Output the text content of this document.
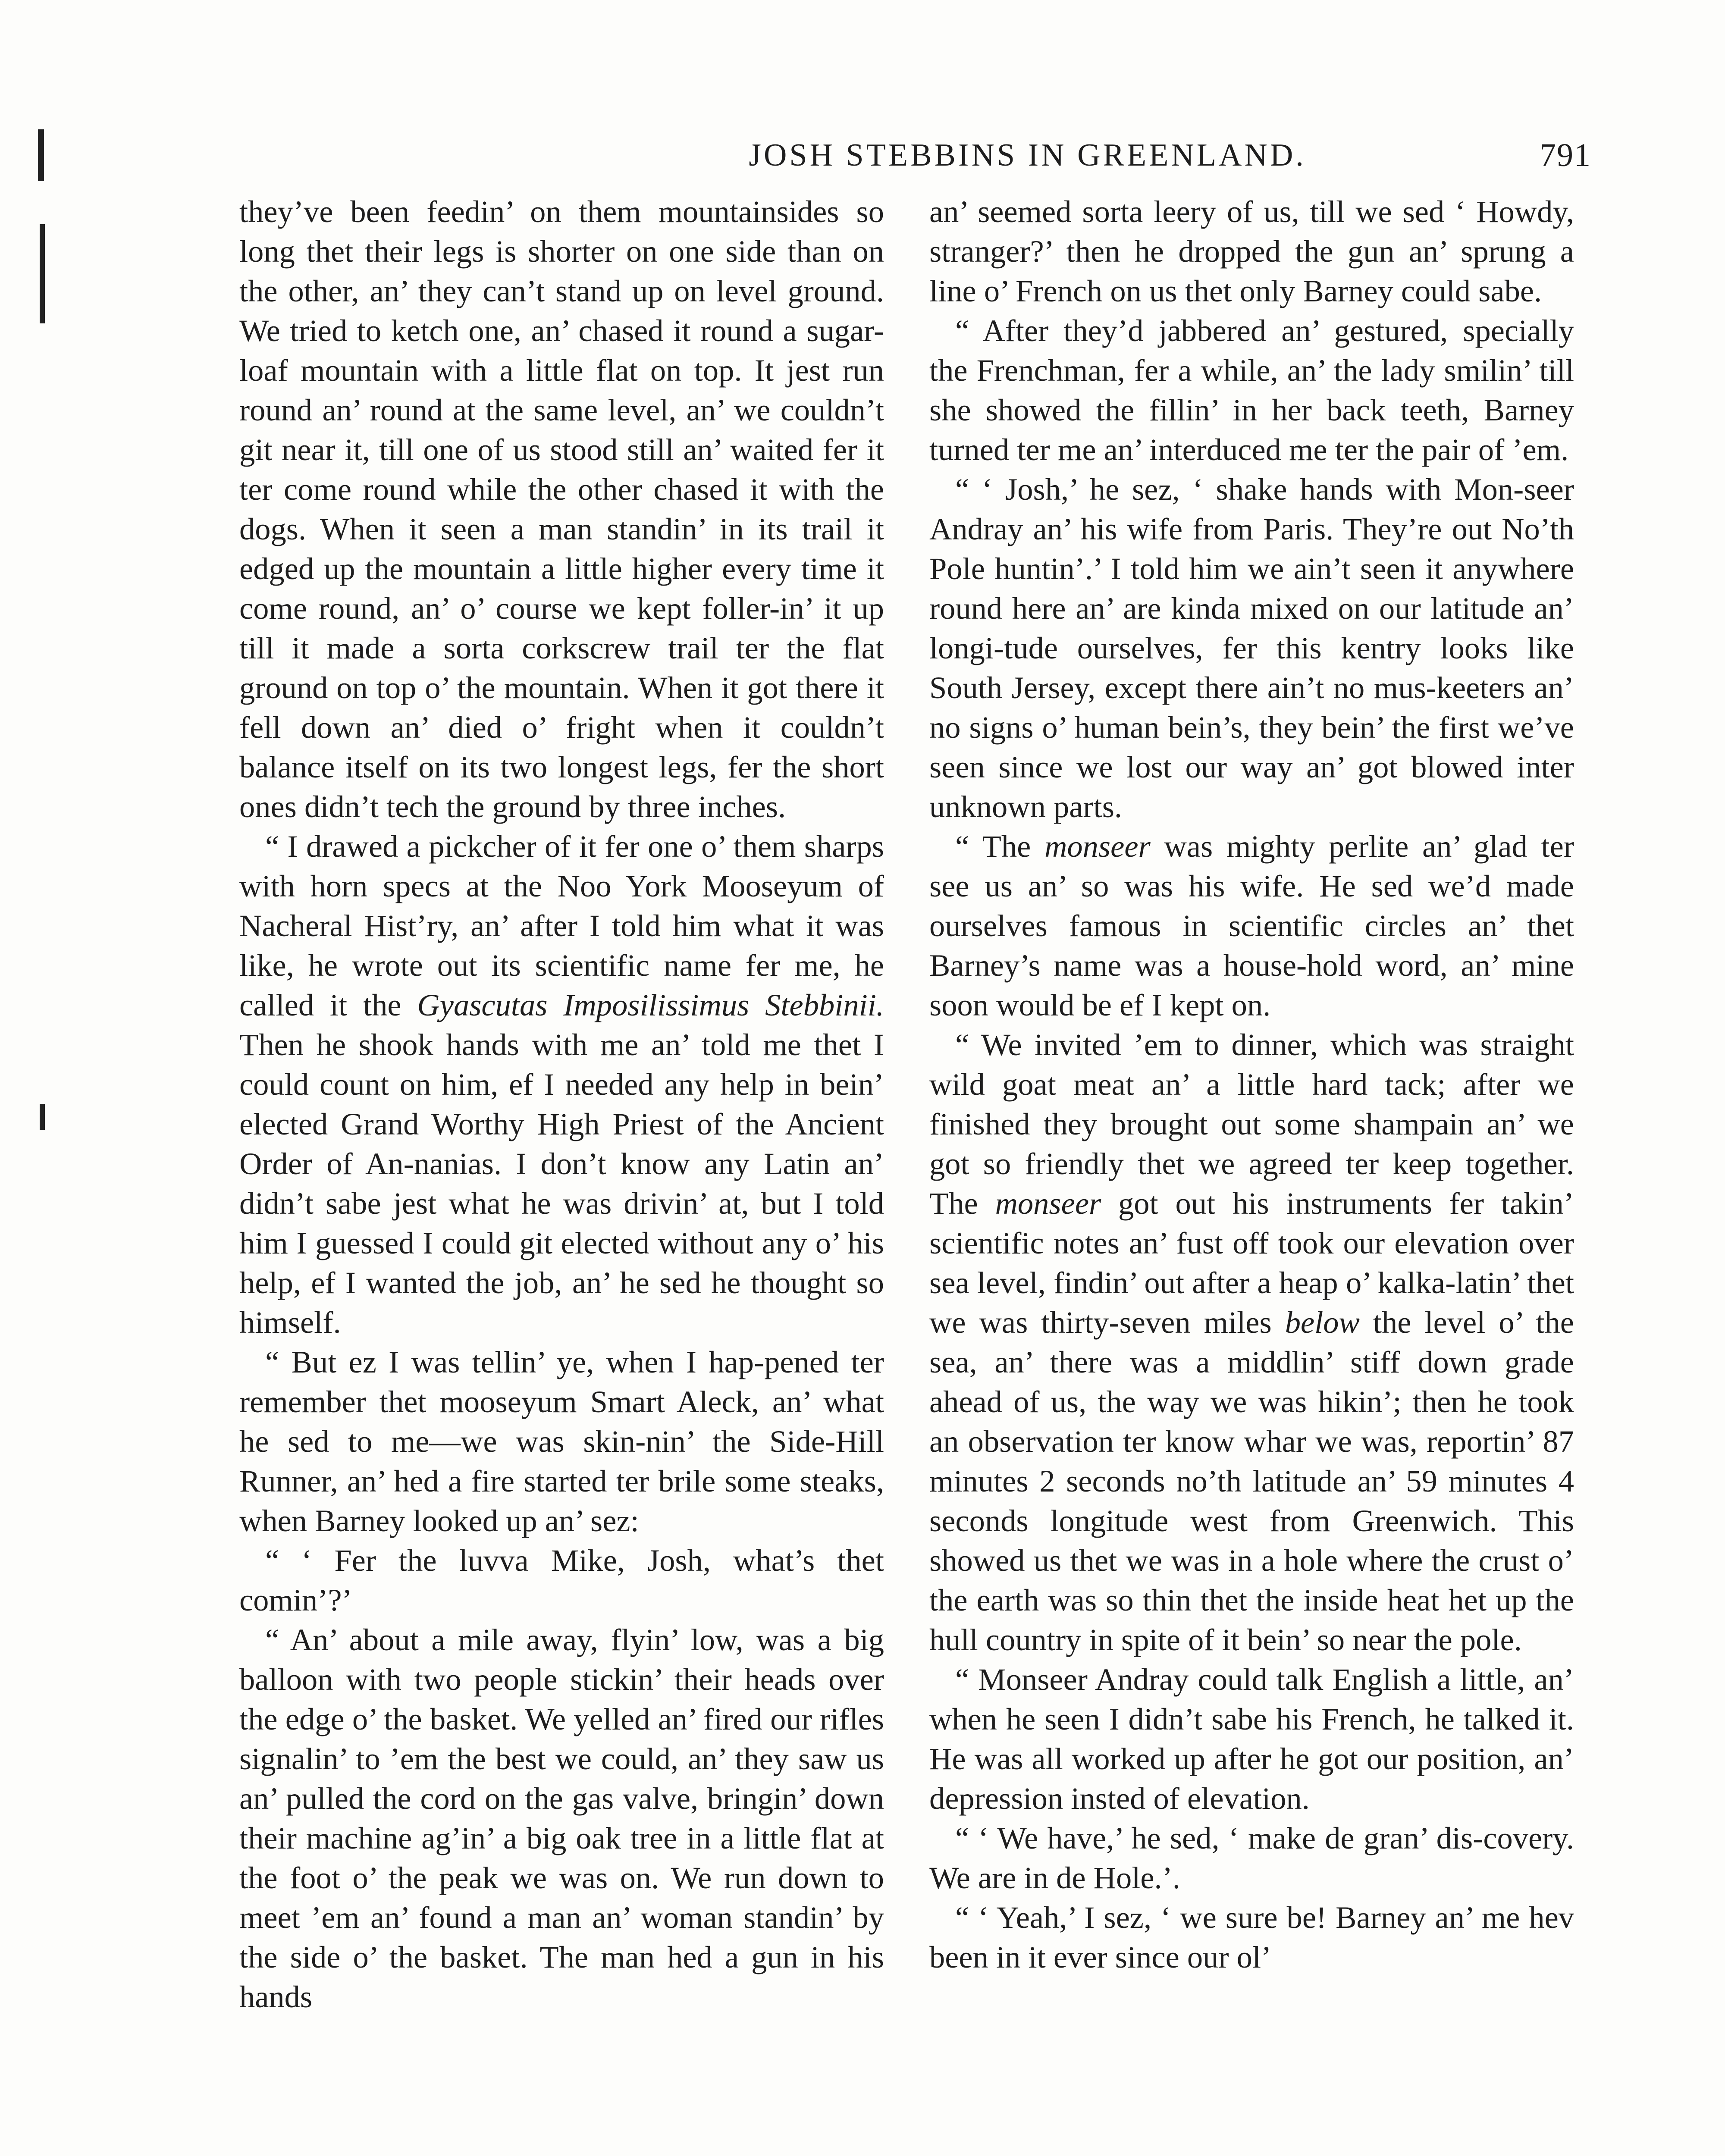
JOSH STEBBINS IN GREENLAND.	791

they’ve been feedin’ on them mountainsides so long thet their legs is shorter on one side than on the other, an’ they can’t stand up on level ground. We tried to ketch one, an’ chased it round a sugar-loaf mountain with a little flat on top. It jest run round an’ round at the same level, an’ we couldn’t git near it, till one of us stood still an’ waited fer it ter come round while the other chased it with the dogs. When it seen a man standin’ in its trail it edged up the mountain a little higher every time it come round, an’ o’ course we kept foller-in’ it up till it made a sorta corkscrew trail ter the flat ground on top o’ the mountain. When it got there it fell down an’ died o’ fright when it couldn’t balance itself on its two longest legs, fer the short ones didn’t tech the ground by three inches.

“ I drawed a pickcher of it fer one o’ them sharps with horn specs at the Noo York Mooseyum of Nacheral Hist’ry, an’ after I told him what it was like, he wrote out its scientific name fer me, he called it the Gyascutas Imposilissimus Stebbinii. Then he shook hands with me an’ told me thet I could count on him, ef I needed any help in bein’ elected Grand Worthy High Priest of the Ancient Order of An-nanias. I don’t know any Latin an’ didn’t sabe jest what he was drivin’ at, but I told him I guessed I could git elected without any o’ his help, ef I wanted the job, an’ he sed he thought so himself.

“ But ez I was tellin’ ye, when I hap-pened ter remember thet mooseyum Smart Aleck, an’ what he sed to me—we was skin-nin’ the Side-Hill Runner, an’ hed a fire started ter brile some steaks, when Barney looked up an’ sez:

“ ‘ Fer the luvva Mike, Josh, what’s thet comin’?’

“ An’ about a mile away, flyin’ low, was a big balloon with two people stickin’ their heads over the edge o’ the basket. We yelled an’ fired our rifles signalin’ to ’em the best we could, an’ they saw us an’ pulled the cord on the gas valve, bringin’ down their machine ag’in’ a big oak tree in a little flat at the foot o’ the peak we was on. We run down to meet ’em an’ found a man an’ woman standin’ by the side o’ the basket. The man hed a gun in his hands

an’ seemed sorta leery of us, till we sed ‘ Howdy, stranger?’ then he dropped the gun an’ sprung a line o’ French on us thet only Barney could sabe.

“ After they’d jabbered an’ gestured, specially the Frenchman, fer a while, an’ the lady smilin’ till she showed the fillin’ in her back teeth, Barney turned ter me an’ interduced me ter the pair of ’em.

“ ‘ Josh,’ he sez, ‘ shake hands with Mon-seer Andray an’ his wife from Paris. They’re out No’th Pole huntin’.’ I told him we ain’t seen it anywhere round here an’ are kinda mixed on our latitude an’ longi-tude ourselves, fer this kentry looks like South Jersey, except there ain’t no mus-keeters an’ no signs o’ human bein’s, they bein’ the first we’ve seen since we lost our way an’ got blowed inter unknown parts.

“ The monseer was mighty perlite an’ glad ter see us an’ so was his wife. He sed we’d made ourselves famous in scientific circles an’ thet Barney’s name was a house-hold word, an’ mine soon would be ef I kept on.

“ We invited ’em to dinner, which was straight wild goat meat an’ a little hard tack; after we finished they brought out some shampain an’ we got so friendly thet we agreed ter keep together. The monseer got out his instruments fer takin’ scientific notes an’ fust off took our elevation over sea level, findin’ out after a heap o’ kalka-latin’ thet we was thirty-seven miles below the level o’ the sea, an’ there was a middlin’ stiff down grade ahead of us, the way we was hikin’; then he took an observation ter know whar we was, reportin’ 87 minutes 2 seconds no’th latitude an’ 59 minutes 4 seconds longitude west from Greenwich. This showed us thet we was in a hole where the crust o’ the earth was so thin thet the inside heat het up the hull country in spite of it bein’ so near the pole.

“ Monseer Andray could talk English a little, an’ when he seen I didn’t sabe his French, he talked it. He was all worked up after he got our position, an’ depression insted of elevation.

“ ‘ We have,’ he sed, ‘ make de gran’ dis-covery. We are in de Hole.’.

“ ‘ Yeah,’ I sez, ‘ we sure be! Barney an’ me hev been in it ever since our ol’
